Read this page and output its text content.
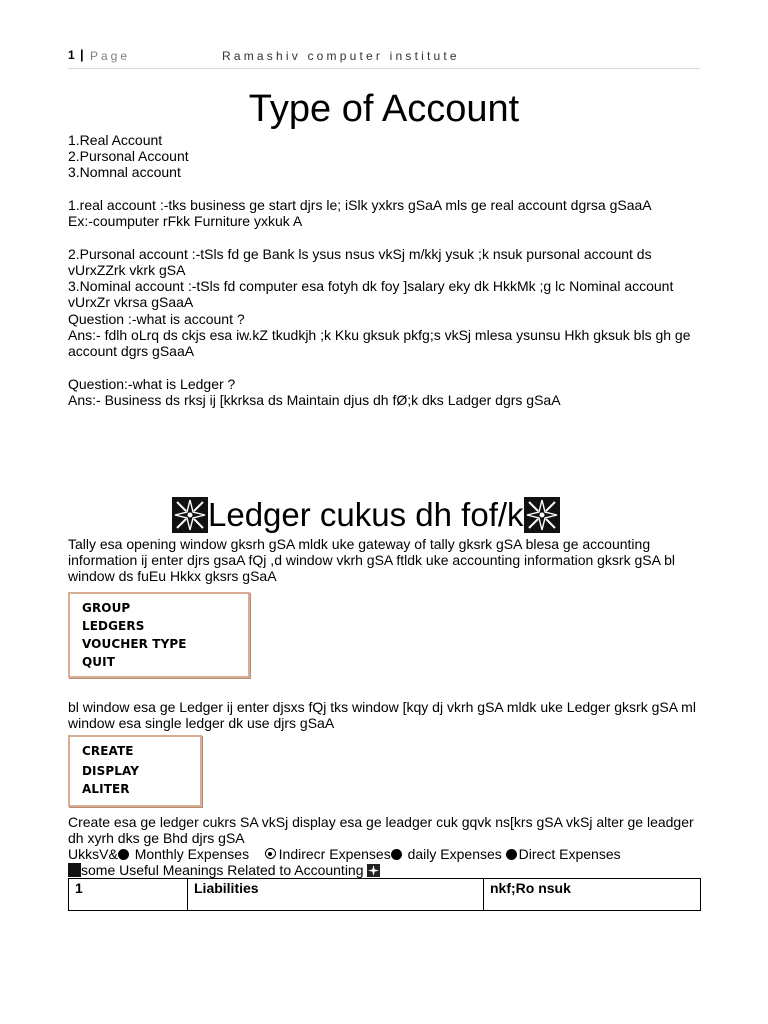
1 | Page	Ramashiv computer institute
Type of Account
1.Real Account
2.Pursonal Account
3.Nomnal account
1.real account :-tks business ge start djrs le; iSlk yxkrs gSaA mls ge real account dgrsa gSaaA
Ex:-coumputer rFkk Furniture yxkuk A
2.Pursonal account :-tSls fd ge Bank ls ysus nsus vkSj m/kkj ysuk ;k nsuk pursonal account ds
vUrxZZrk vkrk gSA
3.Nominal account :-tSls fd computer esa fotyh dk foy ]salary eky dk HkkMk ;g lc Nominal account
vUrxZr vkrsa gSaaA
Question :-what is account ?
Ans:- fdlh oLrq ds ckjs esa iw.kZ tkudkjh ;k Kku gksuk pkfg;s vkSj mlesa ysunsu Hkh gksuk bls gh ge
account dgrs gSaaA
Question:-what is Ledger ?
Ans:- Business ds rksj ij [kkrksa ds Maintain djus dh fØ;k dks Ladger dgrs gSaA
Ledger cukus dh fof/k
Tally esa opening window gksrh gSA mldk uke gateway of tally gksrk gSA blesa ge accounting
information ij enter djrs gsaA fQj ,d window vkrh gSA ftldk uke accounting information gksrk gSA bl
window ds fuEu Hkkx gksrs gSaA
GROUP
LEDGERS
VOUCHER TYPE
QUIT
bl window esa ge Ledger ij enter djsxs fQj tks window [kqy dj vkrh gSA mldk uke Ledger gksrk gSA ml
window esa single ledger dk use djrs gSaA
CREATE
DISPLAY
ALITER
Create esa ge ledger cukrs SA vkSj display esa ge leadger cuk gqvk ns[krs gSA vkSj alter ge leadger
dh xyrh dks ge Bhd djrs gSA
UkksV& Monthly Expenses Indirecr Expenses daily Expenses Direct Expenses
some Useful Meanings Related to Accounting
1	Liabilities	nkf;Ro nsuk
